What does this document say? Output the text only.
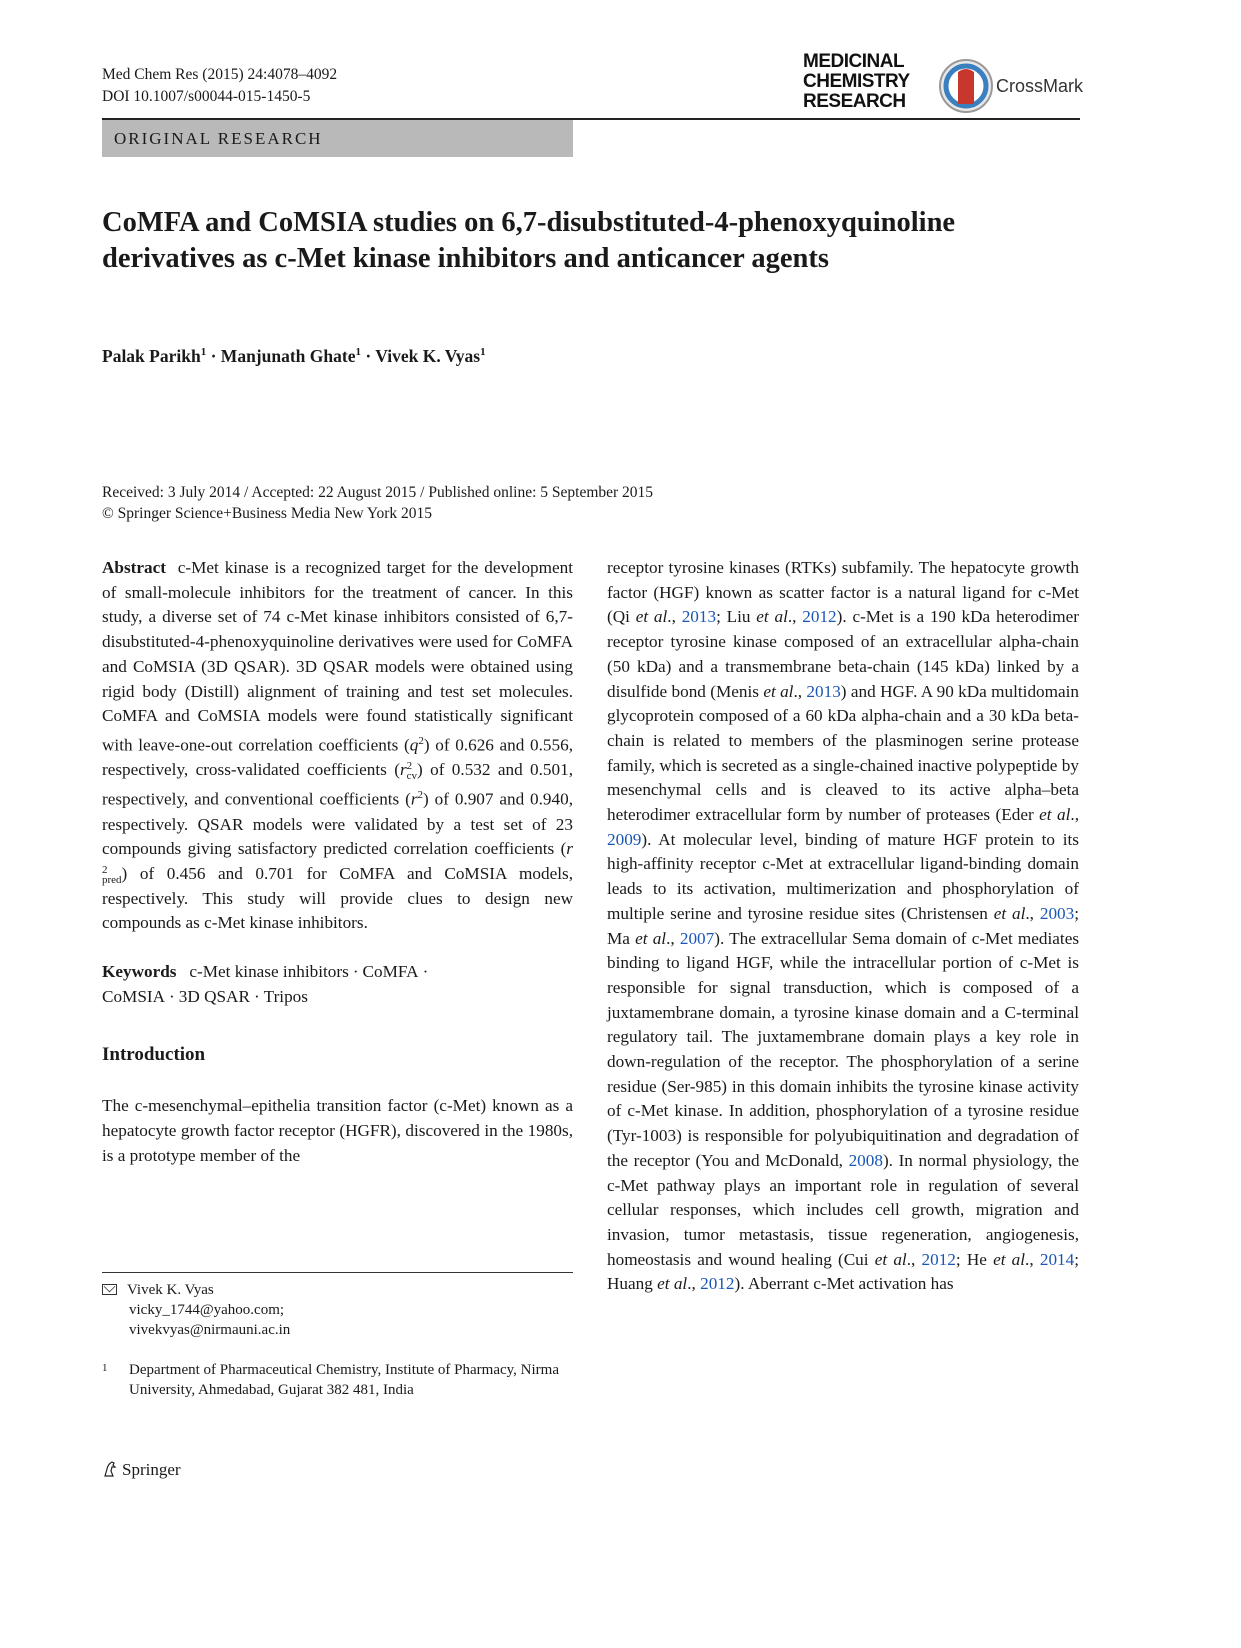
Med Chem Res (2015) 24:4078–4092
DOI 10.1007/s00044-015-1450-5
MEDICINAL
CHEMISTRY
RESEARCH
CrossMark
ORIGINAL RESEARCH
CoMFA and CoMSIA studies on 6,7-disubstituted-4-phenoxyquinoline derivatives as c-Met kinase inhibitors and anticancer agents
Palak Parikh$^1$ · Manjunath Ghate$^1$ · Vivek K. Vyas$^1$
Received: 3 July 2014 / Accepted: 22 August 2015 / Published online: 5 September 2015
© Springer Science+Business Media New York 2015

Abstract c-Met kinase is a recognized target for the development of small-molecule inhibitors for the treatment of cancer. In this study, a diverse set of 74 c-Met kinase inhibitors consisted of 6,7-disubstituted-4-phenoxyquinoline derivatives were used for CoMFA and CoMSIA (3D QSAR). 3D QSAR models were obtained using rigid body (Distill) alignment of training and test set molecules. CoMFA and CoMSIA models were found statistically significant with leave-one-out correlation coefficients $(q^2)$ of 0.626 and 0.556, respectively, cross-validated coefficients (r 2
cv ) of 0.532 and 0.501, respectively, and conventional coefficients $(r^2)$ of 0.907 and 0.940, respectively. QSAR models were validated by a test set of 23 compounds giving satisfactory predicted correlation coefficients (r
2
pred ) of 0.456 and 0.701 for CoMFA and CoMSIA models, respectively. This study will provide clues to design new compounds as c-Met kinase inhibitors.

Keywords c-Met kinase inhibitors · CoMFA ·
CoMSIA · 3D QSAR · Tripos

Introduction

The c-mesenchymal–epithelia transition factor (c-Met) known as a hepatocyte growth factor receptor (HGFR), discovered in the 1980s, is a prototype member of the

receptor tyrosine kinases (RTKs) subfamily. The hepatocyte growth factor (HGF) known as scatter factor is a natural ligand for c-Met (Qi et al., 2013; Liu et al., 2012). c-Met is a 190 kDa heterodimer receptor tyrosine kinase composed of an extracellular alpha-chain (50 kDa) and a transmembrane beta-chain (145 kDa) linked by a disulfide bond (Menis et al., 2013) and HGF. A 90 kDa multidomain glycoprotein composed of a 60 kDa alpha-chain and a 30 kDa beta-chain is related to members of the plasminogen serine protease family, which is secreted as a single-chained inactive polypeptide by mesenchymal cells and is cleaved to its active alpha–beta heterodimer extracellular form by number of proteases (Eder et al., 2009). At molecular level, binding of mature HGF protein to its high-affinity receptor c-Met at extracellular ligand-binding domain leads to its activation, multimerization and phosphorylation of multiple serine and tyrosine residue sites (Christensen et al., 2003; Ma et al., 2007). The extracellular Sema domain of c-Met mediates binding to ligand HGF, while the intracellular portion of c-Met is responsible for signal transduction, which is composed of a juxtamembrane domain, a tyrosine kinase domain and a C-terminal regulatory tail. The juxtamembrane domain plays a key role in down-regulation of the receptor. The phosphorylation of a serine residue (Ser-985) in this domain inhibits the tyrosine kinase activity of c-Met kinase. In addition, phosphorylation of a tyrosine residue (Tyr-1003) is responsible for polyubiquitination and degradation of the receptor (You and McDonald, 2008). In normal physiology, the c-Met pathway plays an important role in regulation of several cellular responses, which includes cell growth, migration and invasion, tumor metastasis, tissue regeneration, angiogenesis, homeostasis and wound healing (Cui et al., 2012; He et al., 2014; Huang et al., 2012). Aberrant c-Met activation has

Vivek K. Vyas
vicky_1744@yahoo.com;
vivekvyas@nirmauni.ac.in
1 Department of Pharmaceutical Chemistry, Institute of Pharmacy, Nirma University, Ahmedabad, Gujarat 382 481, India
Springer
